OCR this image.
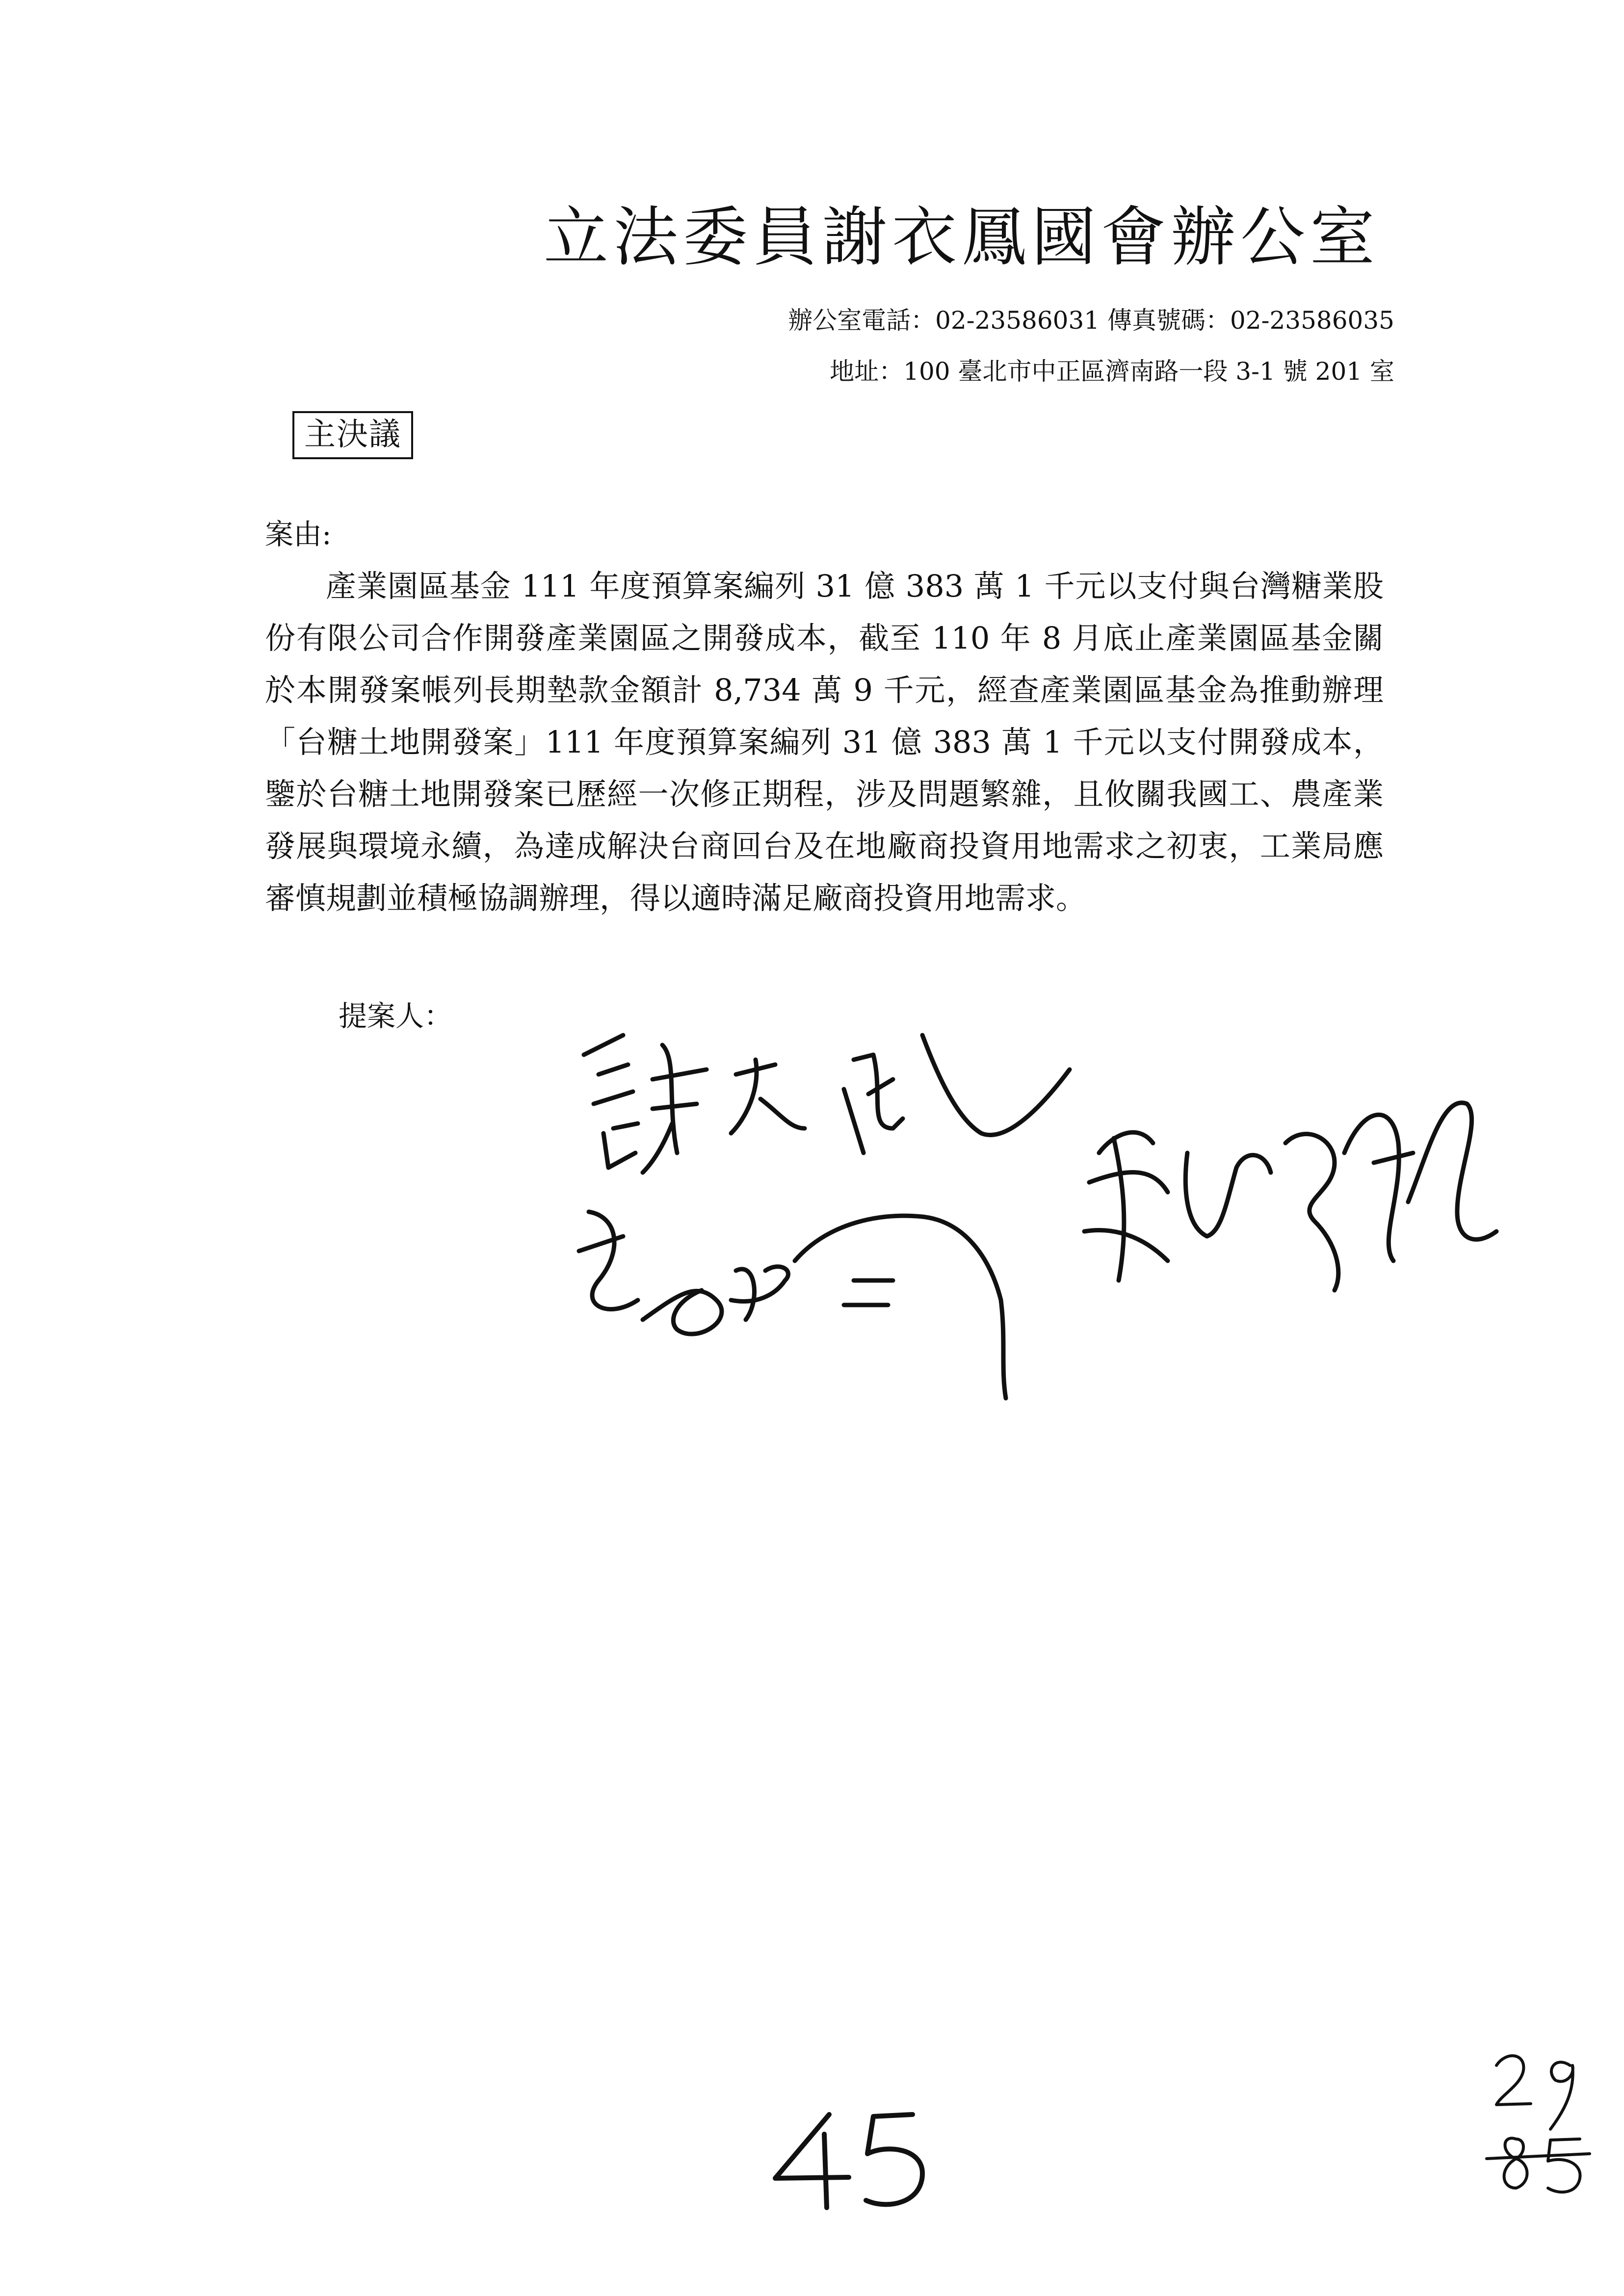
立法委員謝衣鳳國會辦公室
辦公室電話：02-23586031 傳真號碼：02-23586035
地址：100 臺北市中正區濟南路一段 3-1 號 201 室
主決議
案由:
產業園區基金 111 年度預算案編列 31 億 383 萬 1 千元以支付與台灣糖業股份有限公司合作開發產業園區之開發成本，截至 110 年 8 月底止產業園區基金關於本開發案帳列長期墊款金額計 8,734 萬 9 千元，經查產業園區基金為推動辦理「台糖土地開發案」111 年度預算案編列 31 億 383 萬 1 千元以支付開發成本，鑒於台糖土地開發案已歷經一次修正期程，涉及問題繁雜，且攸關我國工、農產業發展與環境永續，為達成解決台商回台及在地廠商投資用地需求之初衷，工業局應審慎規劃並積極協調辦理，得以適時滿足廠商投資用地需求。
提案人：
